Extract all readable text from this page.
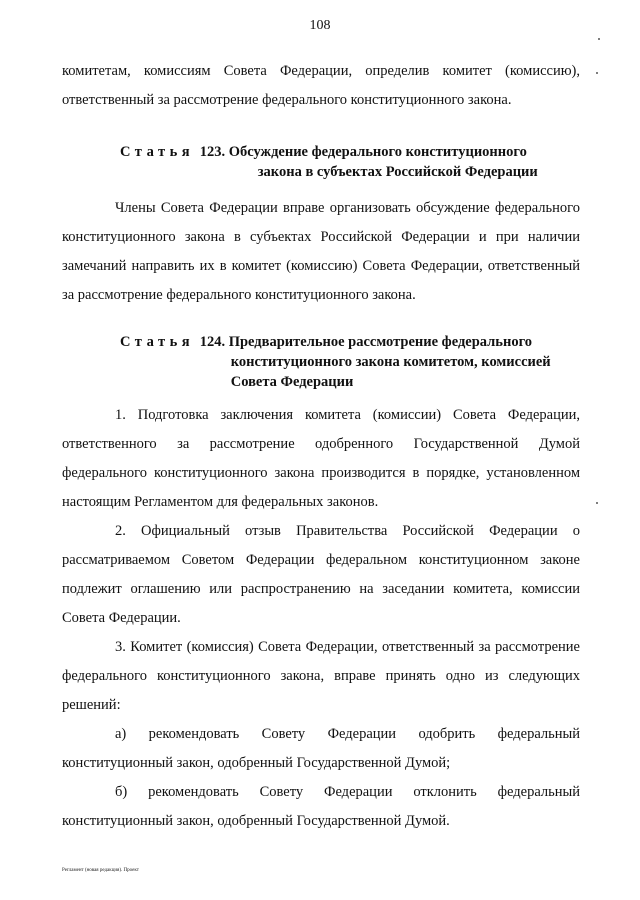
108

комитетам, комиссиям Совета Федерации, определив комитет (комиссию), ответственный за рассмотрение федерального конституционного закона.

Статья 123. Обсуждение федерального конституционного
закона в субъектах Российской Федерации

Члены Совета Федерации вправе организовать обсуждение федерального конституционного закона в субъектах Российской Федерации и при наличии замечаний направить их в комитет (комиссию) Совета Федерации, ответственный за рассмотрение федерального конституционного закона.

Статья 124. Предварительное рассмотрение федерального
конституционного закона комитетом, комиссией
Совета Федерации

1. Подготовка заключения комитета (комиссии) Совета Федерации, ответственного за рассмотрение одобренного Государственной Думой федерального конституционного закона производится в порядке, установленном настоящим Регламентом для федеральных законов.

2. Официальный отзыв Правительства Российской Федерации о рассматриваемом Советом Федерации федеральном конституционном законе подлежит оглашению или распространению на заседании комитета, комиссии Совета Федерации.

3. Комитет (комиссия) Совета Федерации, ответственный за рассмотрение федерального конституционного закона, вправе принять одно из следующих решений:

а) рекомендовать Совету Федерации одобрить федеральный конституционный закон, одобренный Государственной Думой;

б) рекомендовать Совету Федерации отклонить федеральный конституционный закон, одобренный Государственной Думой.

Регламент (новая редакция). Проект
